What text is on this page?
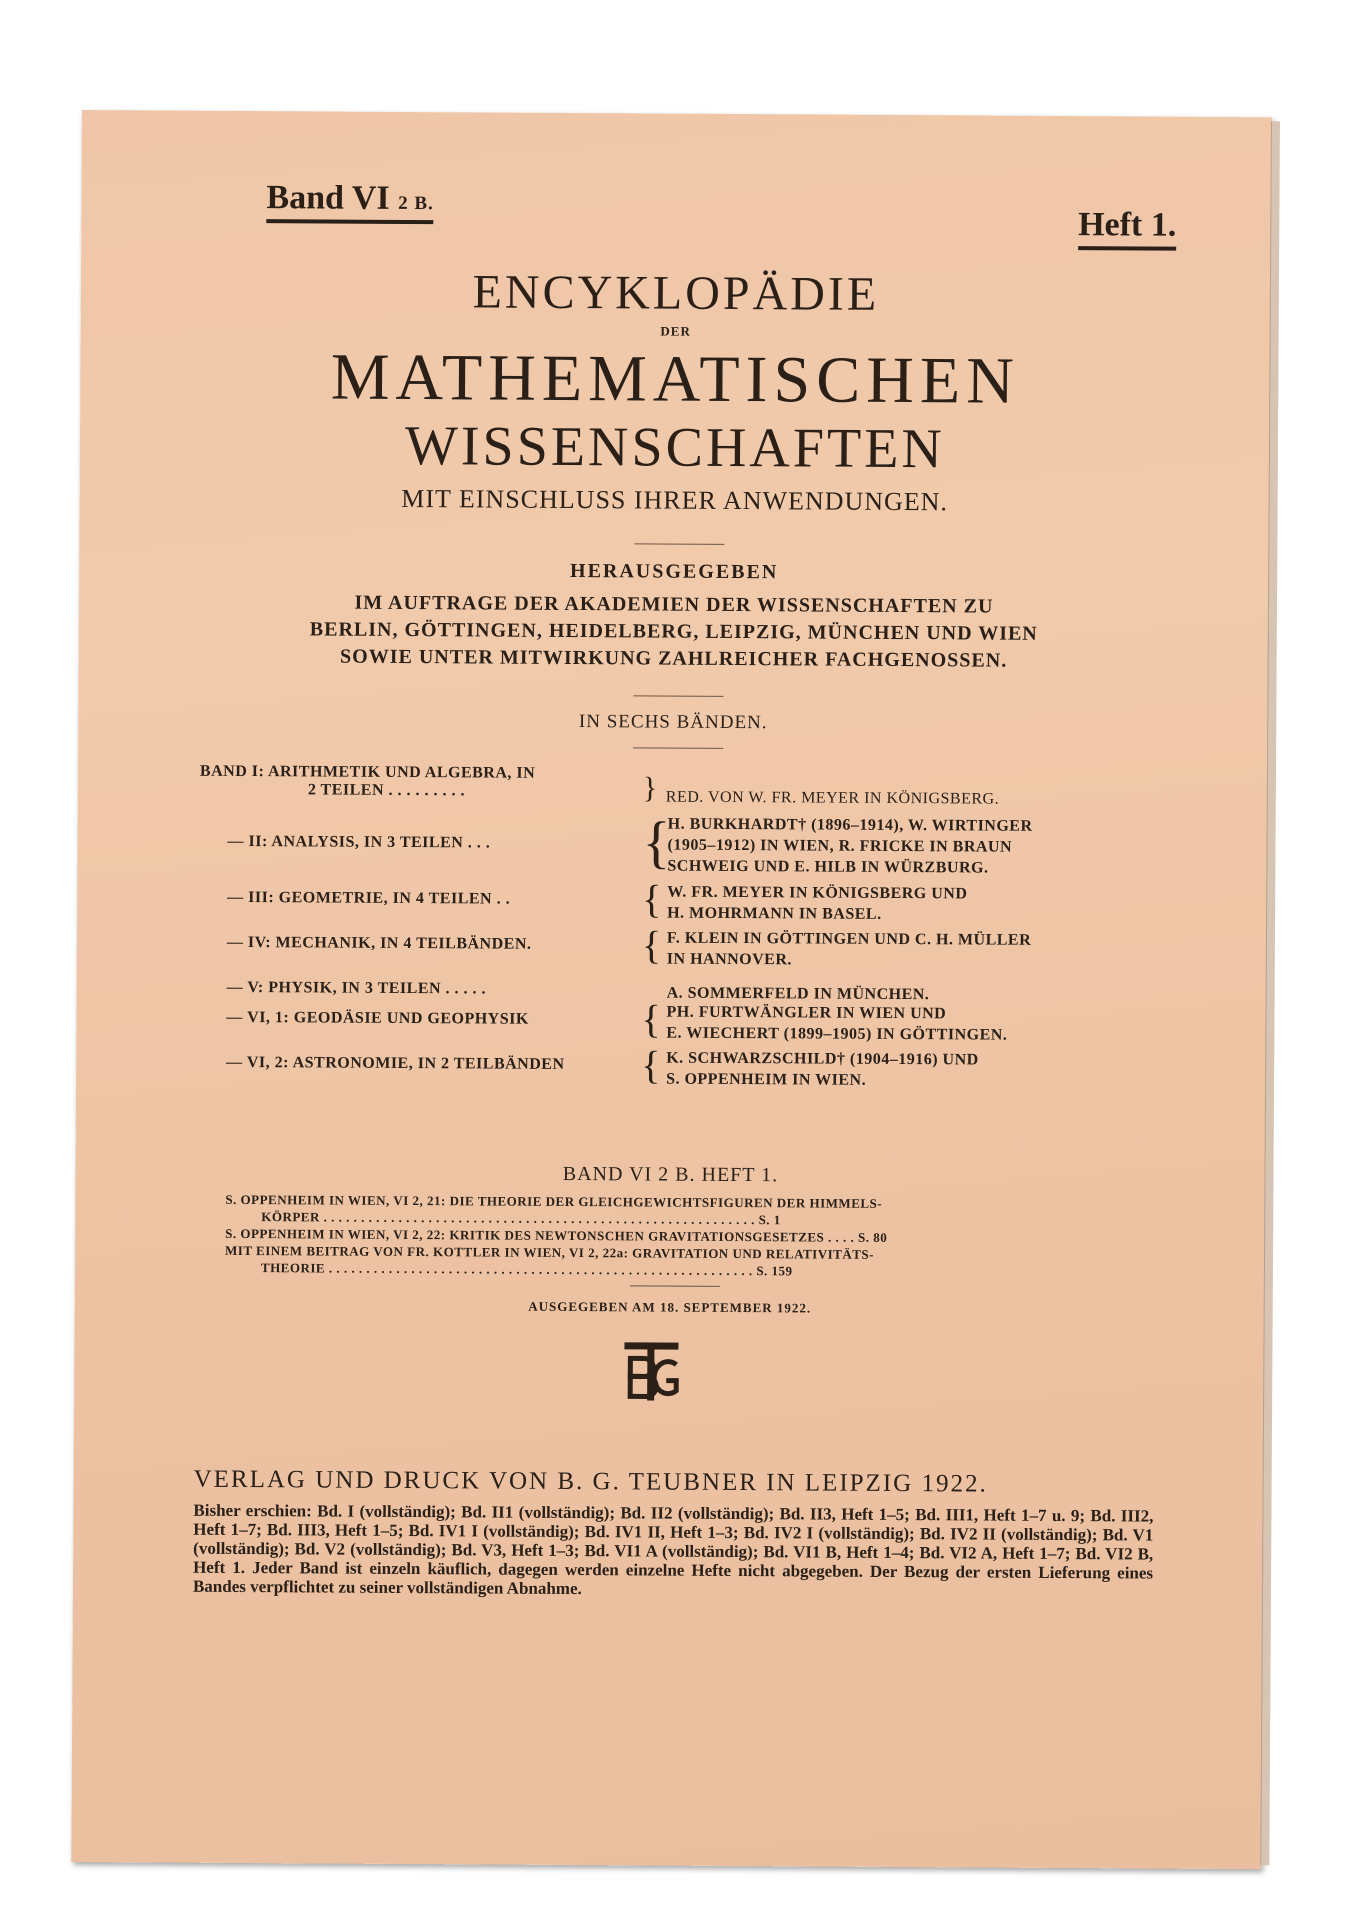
Band VI 2 B.
Heft 1.
ENCYKLOPÄDIE
DER
MATHEMATISCHEN
WISSENSCHAFTEN
MIT EINSCHLUSS IHRER ANWENDUNGEN.
HERAUSGEGEBEN
IM AUFTRAGE DER AKADEMIEN DER WISSENSCHAFTEN ZU
BERLIN, GÖTTINGEN, HEIDELBERG, LEIPZIG, MÜNCHEN UND WIEN
SOWIE UNTER MITWIRKUNG ZAHLREICHER FACHGENOSSEN.
IN SECHS BÄNDEN.
BAND I: ARITHMETIK UND ALGEBRA, IN
2 TEILEN . . . . . . . . .	} RED. VON W. FR. MEYER IN KÖNIGSBERG.
— II: ANALYSIS, IN 3 TEILEN . . .	{
H. BURKHARDT† (1896–1914), W. WIRTINGER
(1905–1912) IN WIEN, R. FRICKE IN BRAUN
SCHWEIG UND E. HILB IN WÜRZBURG.
— III: GEOMETRIE, IN 4 TEILEN . .	{ W. FR. MEYER IN KÖNIGSBERG UND
H. MOHRMANN IN BASEL.
— IV: MECHANIK, IN 4 TEILBÄNDEN.	{ F. KLEIN IN GÖTTINGEN UND C. H. MÜLLER
IN HANNOVER.
— V: PHYSIK, IN 3 TEILEN . . . . .	A. SOMMERFELD IN MÜNCHEN.
— VI, 1: GEODÄSIE UND GEOPHYSIK	{ PH. FURTWÄNGLER IN WIEN UND
E. WIECHERT (1899–1905) IN GÖTTINGEN.
— VI, 2: ASTRONOMIE, IN 2 TEILBÄNDEN { K. SCHWARZSCHILD† (1904–1916) UND
S. OPPENHEIM IN WIEN.
BAND VI 2 B. HEFT 1.
S. OPPENHEIM IN WIEN, VI 2, 21: DIE THEORIE DER GLEICHGEWICHTSFIGUREN DER HIMMELS-
KÖRPER . . . . . . . . . . . . . . . . . . . . . . . . . . . . . . . . . . . . . . . . . . . . . . . . . . . . . . . . . . S. 1
S. OPPENHEIM IN WIEN, VI 2, 22: KRITIK DES NEWTONSCHEN GRAVITATIONSGESETZES . . . . S. 80
MIT EINEM BEITRAG VON FR. KOTTLER IN WIEN, VI 2, 22a: GRAVITATION UND RELATIVITÄTS-
THEORIE . . . . . . . . . . . . . . . . . . . . . . . . . . . . . . . . . . . . . . . . . . . . . . . . . . . . . . . . . S. 159
AUSGEGEBEN AM 18. SEPTEMBER 1922.
VERLAG UND DRUCK VON B. G. TEUBNER IN LEIPZIG 1922.
Bisher erschien: Bd. I (vollständig); Bd. II1 (vollständig); Bd. II2 (vollständig); Bd. II3, Heft 1–5; Bd. III1, Heft 1–7 u. 9; Bd. III2, Heft 1–7; Bd. III3, Heft 1–5; Bd. IV1 I (vollständig); Bd. IV1 II, Heft 1–3; Bd. IV2 I (vollständig); Bd. IV2 II (vollständig); Bd. V1 (vollständig); Bd. V2 (vollständig); Bd. V3, Heft 1–3; Bd. VI1 A (vollständig); Bd. VI1 B, Heft 1–4; Bd. VI2 A, Heft 1–7; Bd. VI2 B, Heft 1. Jeder Band ist einzeln käuflich, dagegen werden einzelne Hefte nicht abgegeben. Der Bezug der ersten Lieferung eines Bandes verpflichtet zu seiner vollständigen Abnahme.
